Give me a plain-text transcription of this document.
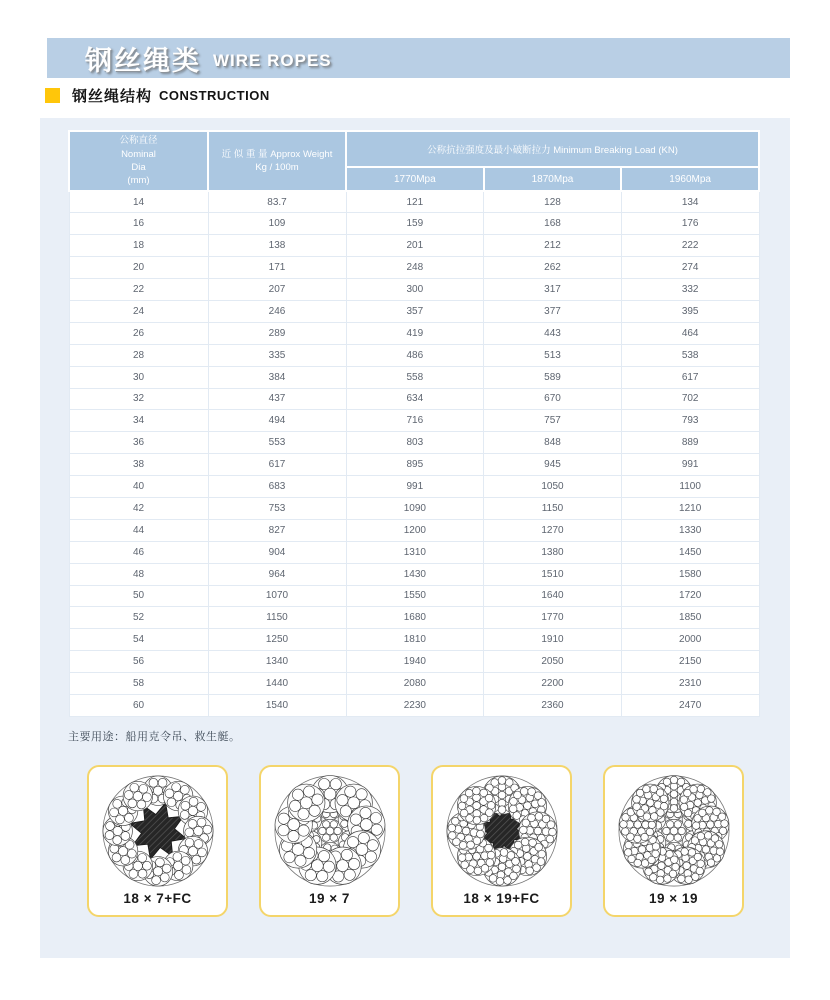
钢丝绳类 WIRE ROPES
钢丝绳结构 CONSTRUCTION
公称直径
Nominal
Dia
(mm)

近 似 重 量 Approx Weight
Kg / 100m
	公称抗拉强度及最小破断拉力 Minimum Breaking Load (KN)
		1770Mpa	1870Mpa	1960Mpa
14	83.7	121	128	134
16	109	159	168	176
18	138	201	212	222
20	171	248	262	274
22	207	300	317	332
24	246	357	377	395
26	289	419	443	464
28	335	486	513	538
30	384	558	589	617
32	437	634	670	702
34	494	716	757	793
36	553	803	848	889
38	617	895	945	991
40	683	991	1050	1100
42	753	1090	1150	1210
44	827	1200	1270	1330
46	904	1310	1380	1450
48	964	1430	1510	1580
50	1070	1550	1640	1720
52	1150	1680	1770	1850
54	1250	1810	1910	2000
56	1340	1940	2050	2150
58	1440	2080	2200	2310
60	1540	2230	2360	2470
主要用途：船用克令吊、救生艇。
18 × 7+FC	19 × 7	18 × 19+FC	19 × 19
